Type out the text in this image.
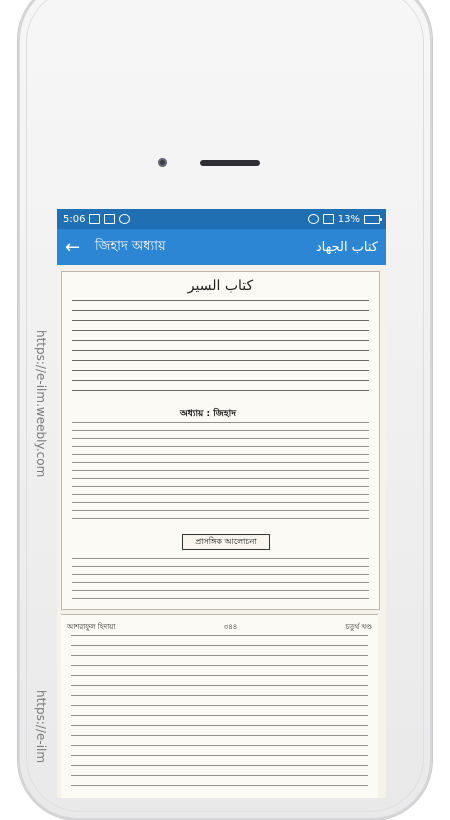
5:06	13%
←	জিহাদ অধ্যায়	كتاب الجهاد
كتاب السير
অধ্যায় : জিহাদ
প্রাসঙ্গিক আলোচনা
আশরাফুল হিদায়া	৩৪৪	চতুর্থ খণ্ড
https://e-ilm.weebly.com
https://e-ilm
